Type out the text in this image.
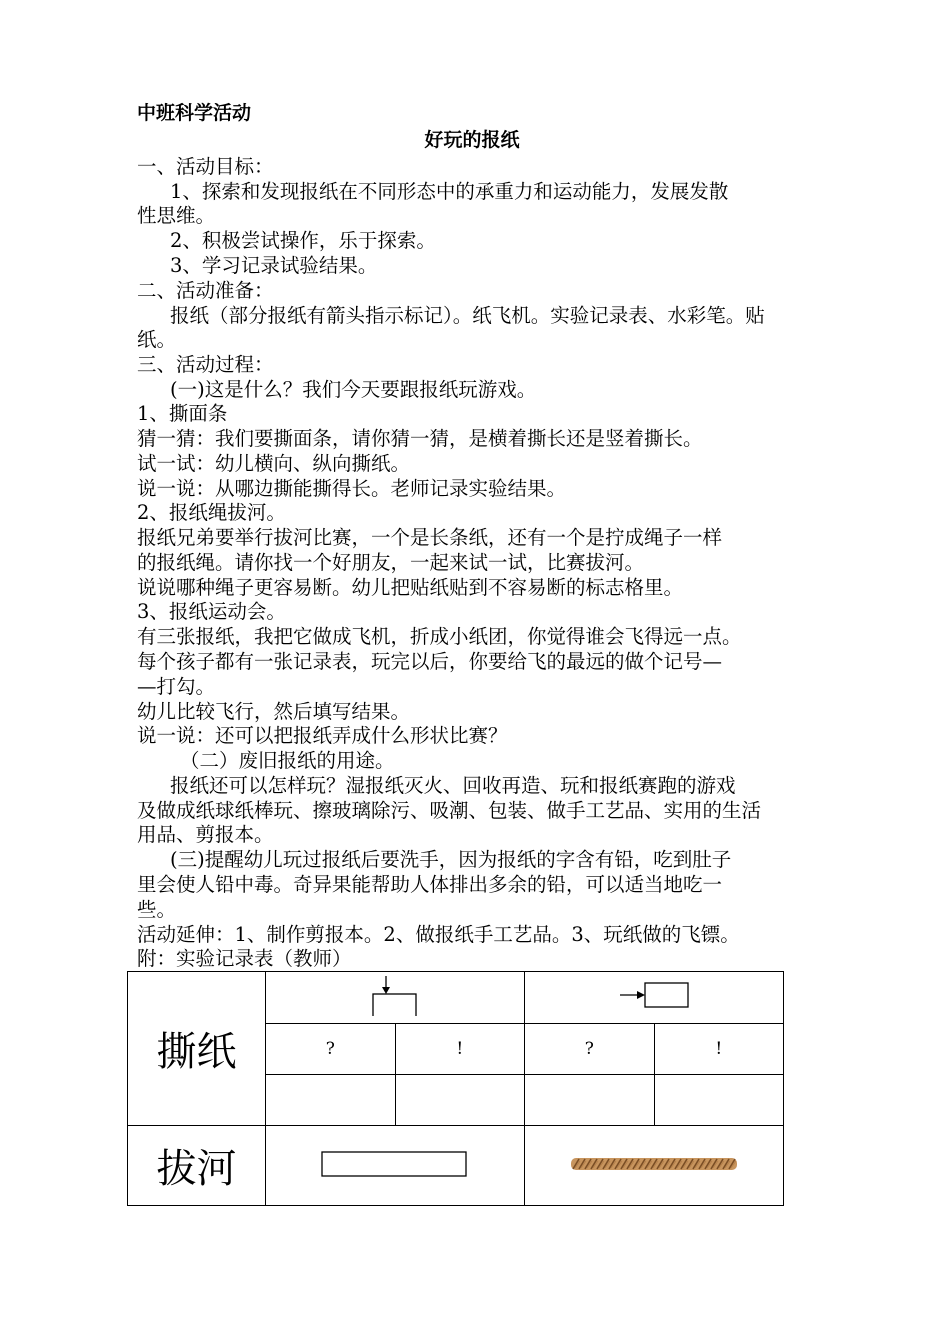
中班科学活动
好玩的报纸
一、活动目标：
1、探索和发现报纸在不同形态中的承重力和运动能力，发展发散
性思维。
2、积极尝试操作，乐于探索。
3、学习记录试验结果。
二、活动准备：
报纸（部分报纸有箭头指示标记）。纸飞机。实验记录表、水彩笔。贴
纸。
三、活动过程：
(一)这是什么？我们今天要跟报纸玩游戏。
1、撕面条
猜一猜：我们要撕面条，请你猜一猜，是横着撕长还是竖着撕长。
试一试：幼儿横向、纵向撕纸。
说一说：从哪边撕能撕得长。老师记录实验结果。
2、报纸绳拔河。
报纸兄弟要举行拔河比赛，一个是长条纸，还有一个是拧成绳子一样
的报纸绳。请你找一个好朋友，一起来试一试，比赛拔河。
说说哪种绳子更容易断。幼儿把贴纸贴到不容易断的标志格里。
3、报纸运动会。
有三张报纸，我把它做成飞机，折成小纸团，你觉得谁会飞得远一点。
每个孩子都有一张记录表，玩完以后，你要给飞的最远的做个记号—
—打勾。
幼儿比较飞行，然后填写结果。
说一说：还可以把报纸弄成什么形状比赛？
（二）废旧报纸的用途。
报纸还可以怎样玩？湿报纸灭火、回收再造、玩和报纸赛跑的游戏
及做成纸球纸棒玩、擦玻璃除污、吸潮、包装、做手工艺品、实用的生活
用品、剪报本。
(三)提醒幼儿玩过报纸后要洗手，因为报纸的字含有铅，吃到肚子
里会使人铅中毒。奇异果能帮助人体排出多余的铅，可以适当地吃一
些。
活动延伸：1、制作剪报本。2、做报纸手工艺品。3、玩纸做的飞镖。
附：实验记录表（教师）
撕纸		
	?	!	?	!

拔河		
